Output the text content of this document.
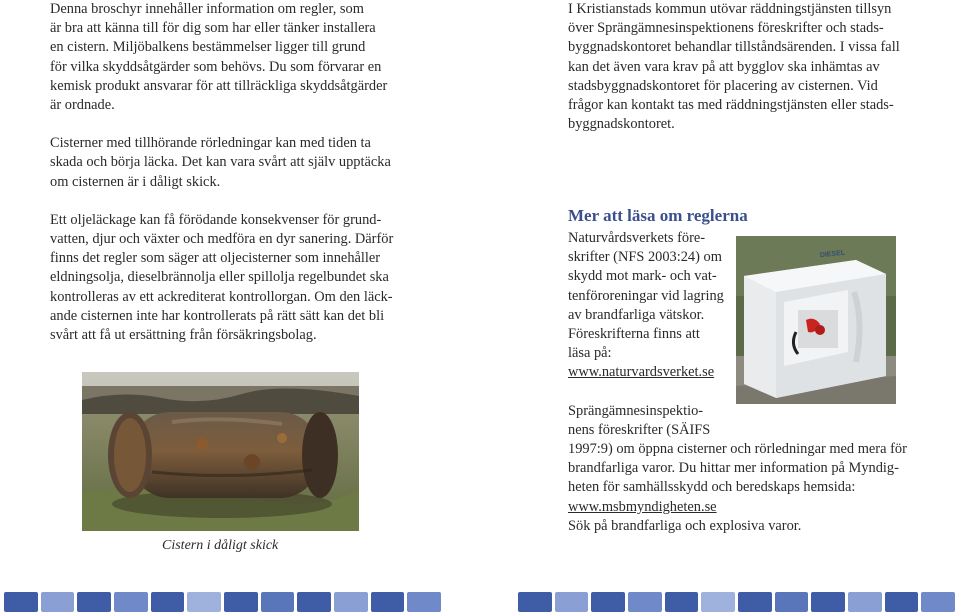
Denna broschyr innehåller information om regler, som
är bra att känna till för dig som har eller tänker installera
en cistern. Miljöbalkens bestämmelser ligger till grund
för vilka skyddsåtgärder som behövs. Du som förvarar en
kemisk produkt ansvarar för att tillräckliga skyddsåtgärder
är ordnade.

Cisterner med tillhörande rörledningar kan med tiden ta
skada och börja läcka. Det kan vara svårt att själv upptäcka
om cisternen är i dåligt skick.

Ett oljeläckage kan få förödande konsekvenser för grund-
vatten, djur och växter och medföra en dyr sanering. Därför
finns det regler som säger att oljecisterner som innehåller
eldningsolja, dieselbrännolja eller spillolja regelbundet ska
kontrolleras av ett ackrediterat kontrollorgan. Om den läck-
ande cisternen inte har kontrollerats på rätt sätt kan det bli
svårt att få ut ersättning från försäkringsbolag.

Cistern i dåligt skick

I Kristianstads kommun utövar räddningstjänsten tillsyn
över Sprängämnesinspektionens föreskrifter och stads-
byggnadskontoret behandlar tillståndsärenden. I vissa fall
kan det även vara krav på att bygglov ska inhämtas av
stadsbyggnadskontoret för placering av cisternen. Vid
frågor kan kontakt tas med räddningstjänsten eller stads-
byggnadskontoret.

Mer att läsa om reglerna

Naturvårdsverkets före-
skrifter (NFS 2003:24) om
skydd mot mark- och vat-
tenföroreningar vid lagring
av brandfarliga vätskor.
Föreskrifterna finns att
läsa på:
www.naturvardsverket.se

Sprängämnesinspektio-
nens föreskrifter (SÄIFS
1997:9) om öppna cisterner och rörledningar med mera för
brandfarliga varor. Du hittar mer information på Myndig-
heten för samhällsskydd och beredskaps hemsida:
www.msbmyndigheten.se
Sök på brandfarliga och explosiva varor.

DIESEL
